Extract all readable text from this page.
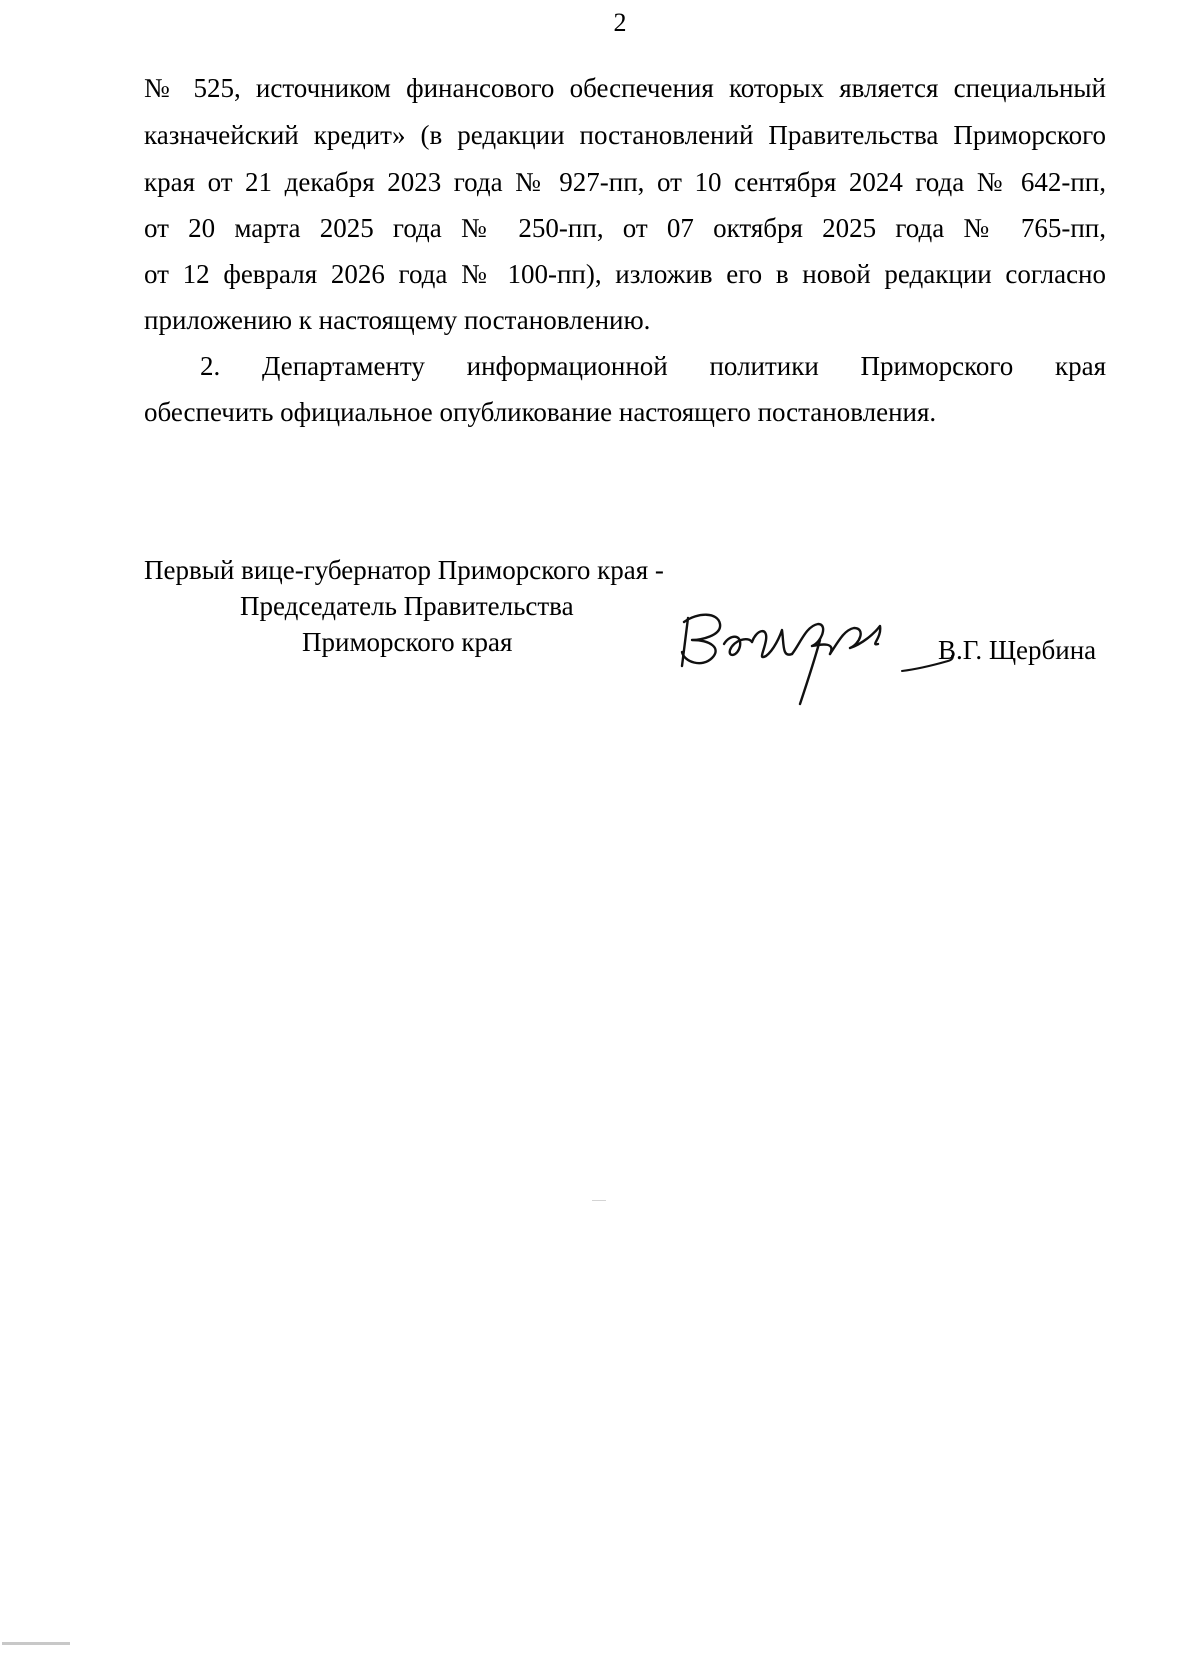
2
№ 525, источником финансового обеспечения которых является специальный
казначейский кредит» (в редакции постановлений Правительства Приморского
края от 21 декабря 2023 года № 927-пп, от 10 сентября 2024 года № 642-пп,
от 20 марта 2025 года № 250-пп, от 07 октября 2025 года № 765-пп,
от 12 февраля 2026 года № 100-пп), изложив его в новой редакции согласно
приложению к настоящему постановлению.
2. Департаменту информационной политики Приморского края
обеспечить официальное опубликование настоящего постановления.
Первый вице-губернатор Приморского края -
Председатель Правительства
Приморского края	В.Г. Щербина
